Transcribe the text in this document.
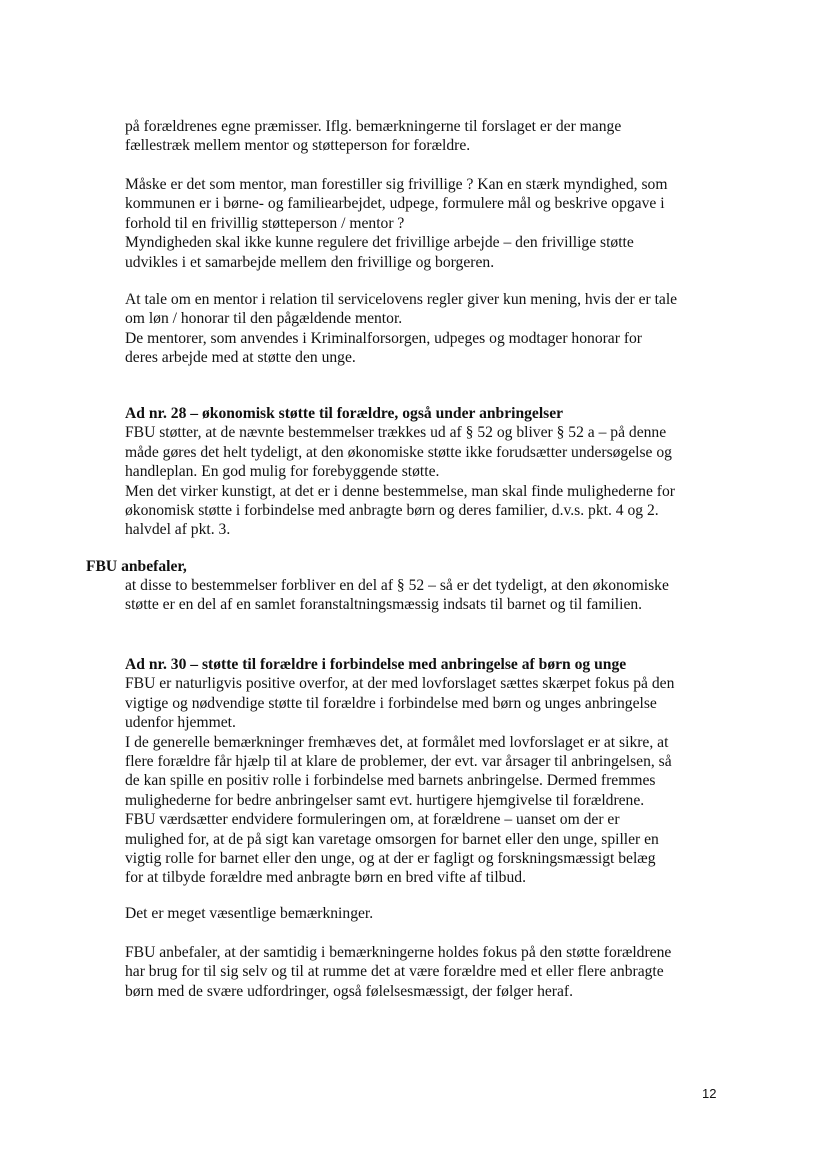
på forældrenes egne præmisser. Iflg. bemærkningerne til forslaget er der mange
fællestræk mellem mentor og støtteperson for forældre.
Måske er det som mentor, man forestiller sig frivillige ? Kan en stærk myndighed, som
kommunen er i børne- og familiearbejdet, udpege, formulere mål og beskrive opgave i
forhold til en frivillig støtteperson / mentor ?
Myndigheden skal ikke kunne regulere det frivillige arbejde – den frivillige støtte
udvikles i et samarbejde mellem den frivillige og borgeren.
At tale om en mentor i relation til servicelovens regler giver kun mening, hvis der er tale
om løn / honorar til den pågældende mentor.
De mentorer, som anvendes i Kriminalforsorgen, udpeges og modtager honorar for
deres arbejde med at støtte den unge.
Ad nr. 28 – økonomisk støtte til forældre, også under anbringelser
FBU støtter, at de nævnte bestemmelser trækkes ud af § 52 og bliver § 52 a – på denne
måde gøres det helt tydeligt, at den økonomiske støtte ikke forudsætter undersøgelse og
handleplan. En god mulig for forebyggende støtte.
Men det virker kunstigt, at det er i denne bestemmelse, man skal finde mulighederne for
økonomisk støtte i forbindelse med anbragte børn og deres familier, d.v.s. pkt. 4 og 2.
halvdel af pkt. 3.
FBU anbefaler,
at disse to bestemmelser forbliver en del af § 52 – så er det tydeligt, at den økonomiske
støtte er en del af en samlet foranstaltningsmæssig indsats til barnet og til familien.
Ad nr. 30 – støtte til forældre i forbindelse med anbringelse af børn og unge
FBU er naturligvis positive overfor, at der med lovforslaget sættes skærpet fokus på den
vigtige og nødvendige støtte til forældre i forbindelse med børn og unges anbringelse
udenfor hjemmet.
I de generelle bemærkninger fremhæves det, at formålet med lovforslaget er at sikre, at
flere forældre får hjælp til at klare de problemer, der evt. var årsager til anbringelsen, så
de kan spille en positiv rolle i forbindelse med barnets anbringelse. Dermed fremmes
mulighederne for bedre anbringelser samt evt. hurtigere hjemgivelse til forældrene.
FBU værdsætter endvidere formuleringen om, at forældrene – uanset om der er
mulighed for, at de på sigt kan varetage omsorgen for barnet eller den unge, spiller en
vigtig rolle for barnet eller den unge, og at der er fagligt og forskningsmæssigt belæg
for at tilbyde forældre med anbragte børn en bred vifte af tilbud.
Det er meget væsentlige bemærkninger.
FBU anbefaler, at der samtidig i bemærkningerne holdes fokus på den støtte forældrene
har brug for til sig selv og til at rumme det at være forældre med et eller flere anbragte
børn med de svære udfordringer, også følelsesmæssigt, der følger heraf.
12
